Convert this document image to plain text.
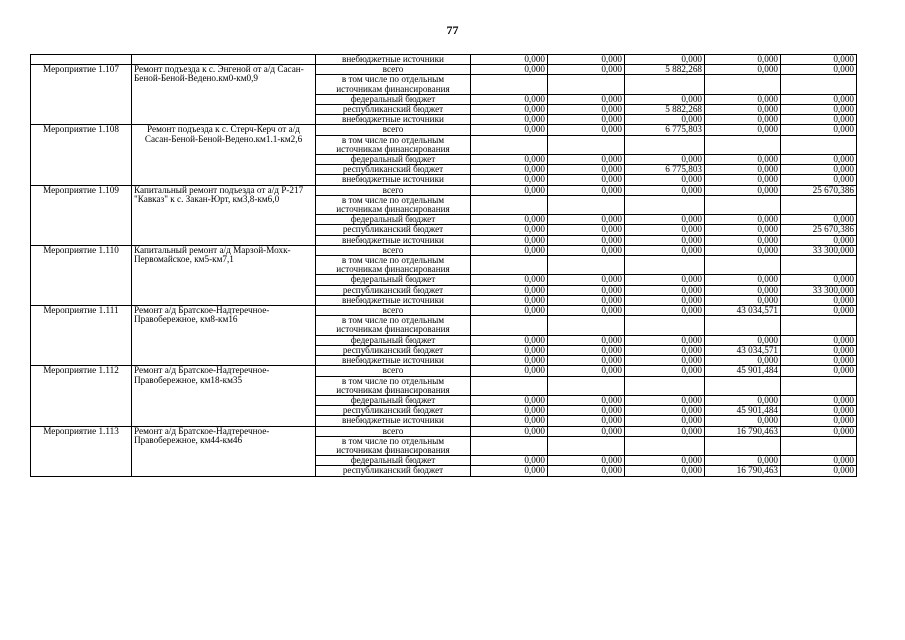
77
		внебюджетные источники	0,000	0,000	0,000	0,000	0,000
Мероприятие 1.107	Ремонт подъезда к с. Энгеной от а/д Сасан-Беной-Беной-Ведено.км0-км0,9	всего	0,000	0,000	5 882,268	0,000	0,000
		в том числе по отдельным источникам финансирования					
		федеральный бюджет	0,000	0,000	0,000	0,000	0,000
		республиканский бюджет	0,000	0,000	5 882,268	0,000	0,000
		внебюджетные источники	0,000	0,000	0,000	0,000	0,000
Мероприятие 1.108	Ремонт подъезда к с. Стерч-Керч от а/д Сасан-Беной-Беной-Ведено.км1.1-км2,6	всего	0,000	0,000	6 775,803	0,000	0,000
		в том числе по отдельным источникам финансирования					
		федеральный бюджет	0,000	0,000	0,000	0,000	0,000
		республиканский бюджет	0,000	0,000	6 775,803	0,000	0,000
		внебюджетные источники	0,000	0,000	0,000	0,000	0,000
Мероприятие 1.109	Капитальный ремонт подъезда от а/д Р-217 "Кавказ" к с. Закан-Юрт, км3,8-км6,0	всего	0,000	0,000	0,000	0,000	25 670,386
		в том числе по отдельным источникам финансирования					
		федеральный бюджет	0,000	0,000	0,000	0,000	0,000
		республиканский бюджет	0,000	0,000	0,000	0,000	25 670,386
		внебюджетные источники	0,000	0,000	0,000	0,000	0,000
Мероприятие 1.110	Капитальный ремонт а/д Марзой-Мохк-Первомайское, км5-км7,1	всего	0,000	0,000	0,000	0,000	33 300,000
		в том числе по отдельным источникам финансирования					
		федеральный бюджет	0,000	0,000	0,000	0,000	0,000
		республиканский бюджет	0,000	0,000	0,000	0,000	33 300,000
		внебюджетные источники	0,000	0,000	0,000	0,000	0,000
Мероприятие 1.111	Ремонт а/д Братское-Надтеречное-Правобережное, км8-км16	всего	0,000	0,000	0,000	43 034,571	0,000
		в том числе по отдельным источникам финансирования					
		федеральный бюджет	0,000	0,000	0,000	0,000	0,000
		республиканский бюджет	0,000	0,000	0,000	43 034,571	0,000
		внебюджетные источники	0,000	0,000	0,000	0,000	0,000
Мероприятие 1.112	Ремонт а/д Братское-Надтеречное-Правобережное, км18-км35	всего	0,000	0,000	0,000	45 901,484	0,000
		в том числе по отдельным источникам финансирования					
		федеральный бюджет	0,000	0,000	0,000	0,000	0,000
		республиканский бюджет	0,000	0,000	0,000	45 901,484	0,000
		внебюджетные источники	0,000	0,000	0,000	0,000	0,000
Мероприятие 1.113	Ремонт а/д Братское-Надтеречное-Правобережное, км44-км46	всего	0,000	0,000	0,000	16 790,463	0,000
		в том числе по отдельным источникам финансирования					
		федеральный бюджет	0,000	0,000	0,000	0,000	0,000
		республиканский бюджет	0,000	0,000	0,000	16 790,463	0,000
